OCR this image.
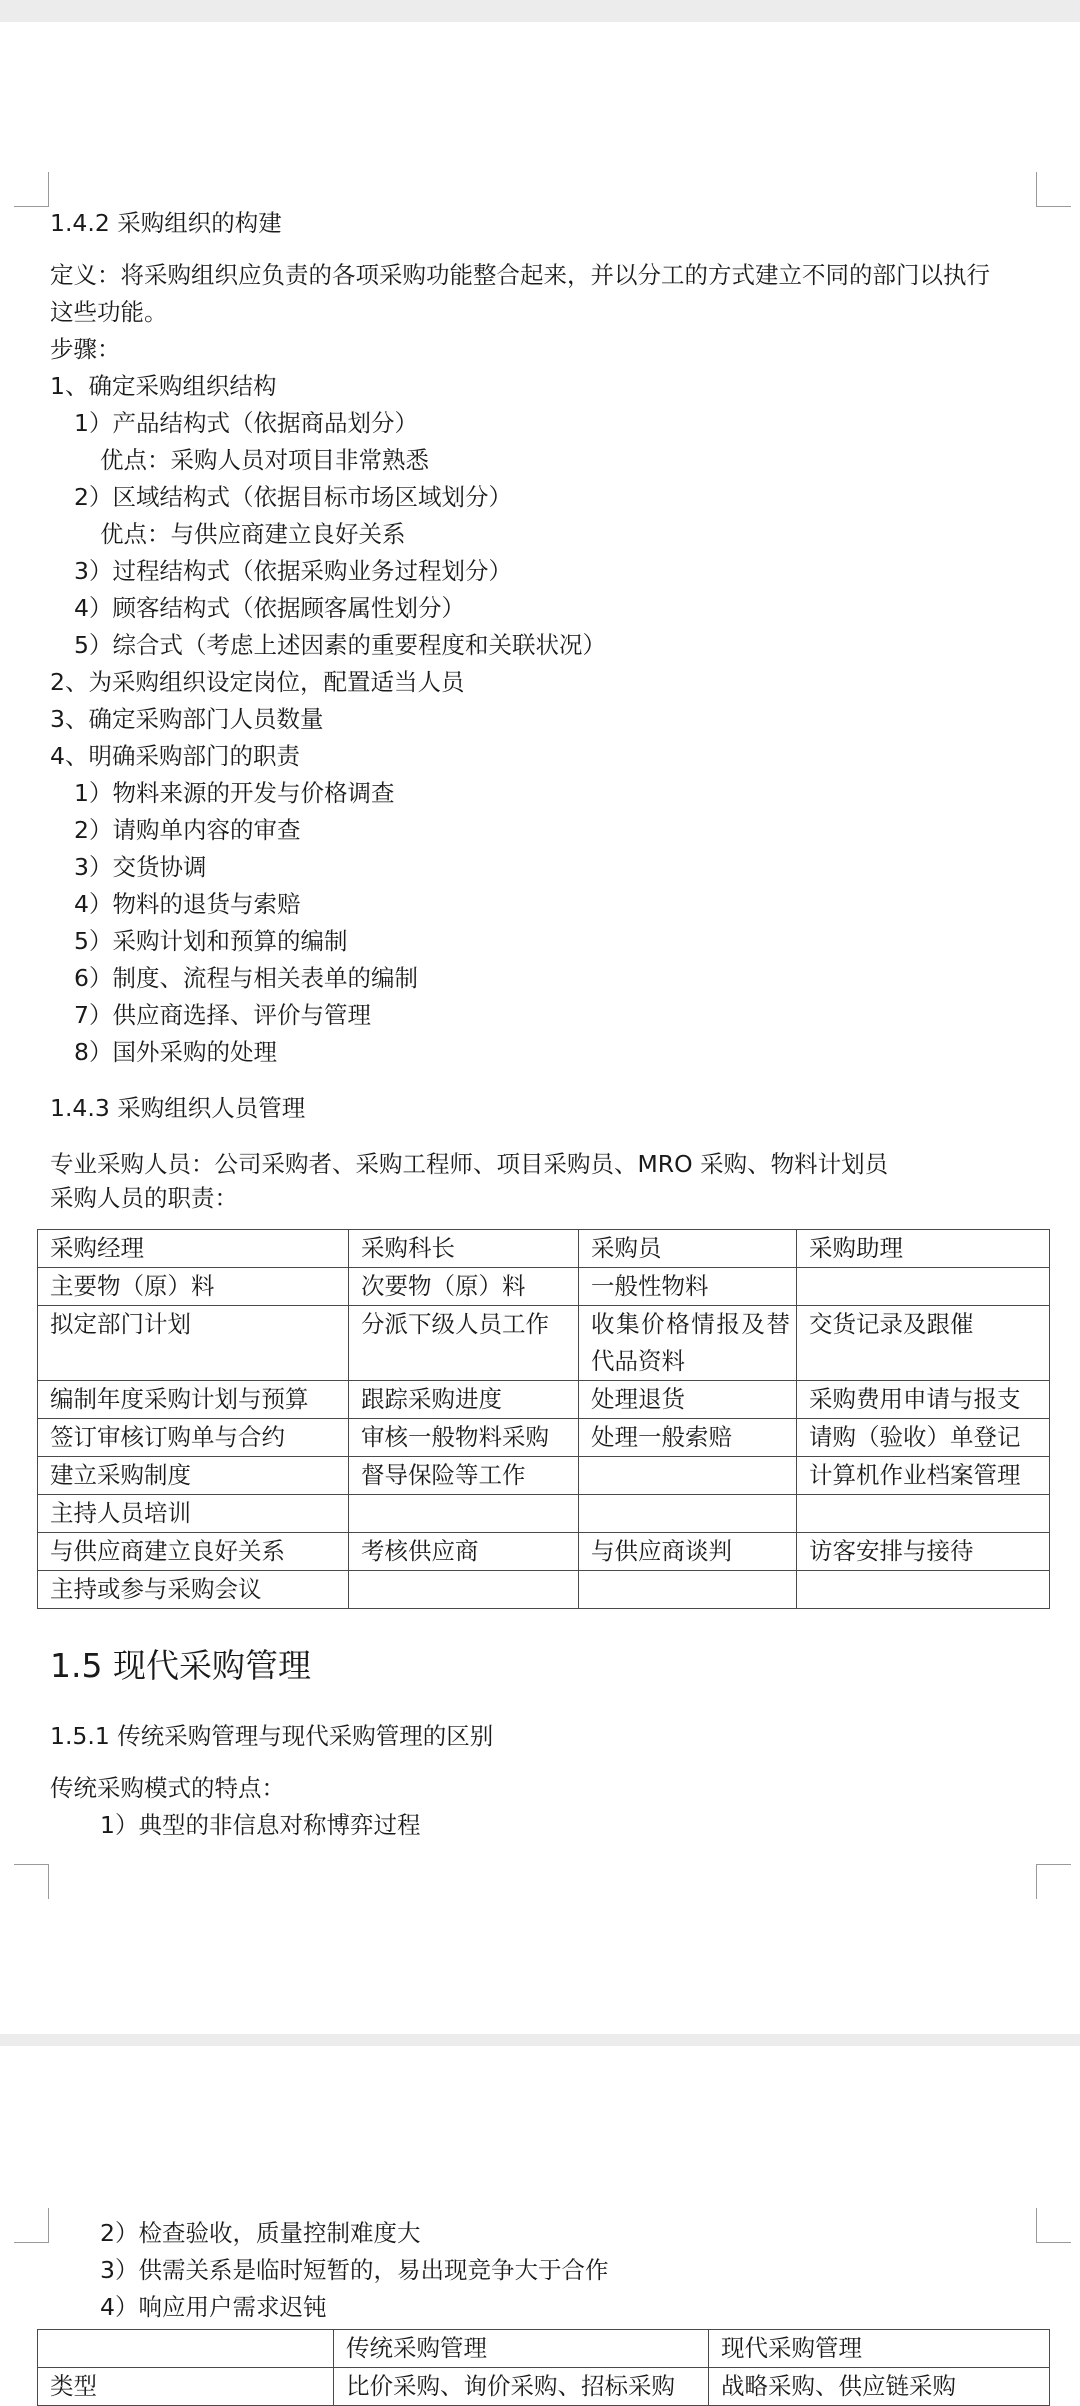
1.4.2 采购组织的构建
定义：将采购组织应负责的各项采购功能整合起来，并以分工的方式建立不同的部门以执行
这些功能。
步骤：
1、确定采购组织结构
1）产品结构式（依据商品划分）
优点：采购人员对项目非常熟悉
2）区域结构式（依据目标市场区域划分）
优点：与供应商建立良好关系
3）过程结构式（依据采购业务过程划分）
4）顾客结构式（依据顾客属性划分）
5）综合式（考虑上述因素的重要程度和关联状况）
2、为采购组织设定岗位，配置适当人员
3、确定采购部门人员数量
4、明确采购部门的职责
1）物料来源的开发与价格调查
2）请购单内容的审查
3）交货协调
4）物料的退货与索赔
5）采购计划和预算的编制
6）制度、流程与相关表单的编制
7）供应商选择、评价与管理
8）国外采购的处理
1.4.3 采购组织人员管理
专业采购人员：公司采购者、采购工程师、项目采购员、MRO 采购、物料计划员
采购人员的职责：
采购经理	采购科长	采购员	采购助理
主要物（原）料	次要物（原）料	一般性物料	
拟定部门计划	分派下级人员工作	收集价格情报及替代品资料	交货记录及跟催
编制年度采购计划与预算	跟踪采购进度	处理退货	采购费用申请与报支
签订审核订购单与合约	审核一般物料采购	处理一般索赔	请购（验收）单登记
建立采购制度	督导保险等工作		计算机作业档案管理
主持人员培训			
与供应商建立良好关系	考核供应商	与供应商谈判	访客安排与接待
主持或参与采购会议			
1.5 现代采购管理
1.5.1 传统采购管理与现代采购管理的区别
传统采购模式的特点：
1）典型的非信息对称博弈过程
2）检查验收，质量控制难度大
3）供需关系是临时短暂的，易出现竞争大于合作
4）响应用户需求迟钝
	传统采购管理	现代采购管理
类型	比价采购、询价采购、招标采购	战略采购、供应链采购
